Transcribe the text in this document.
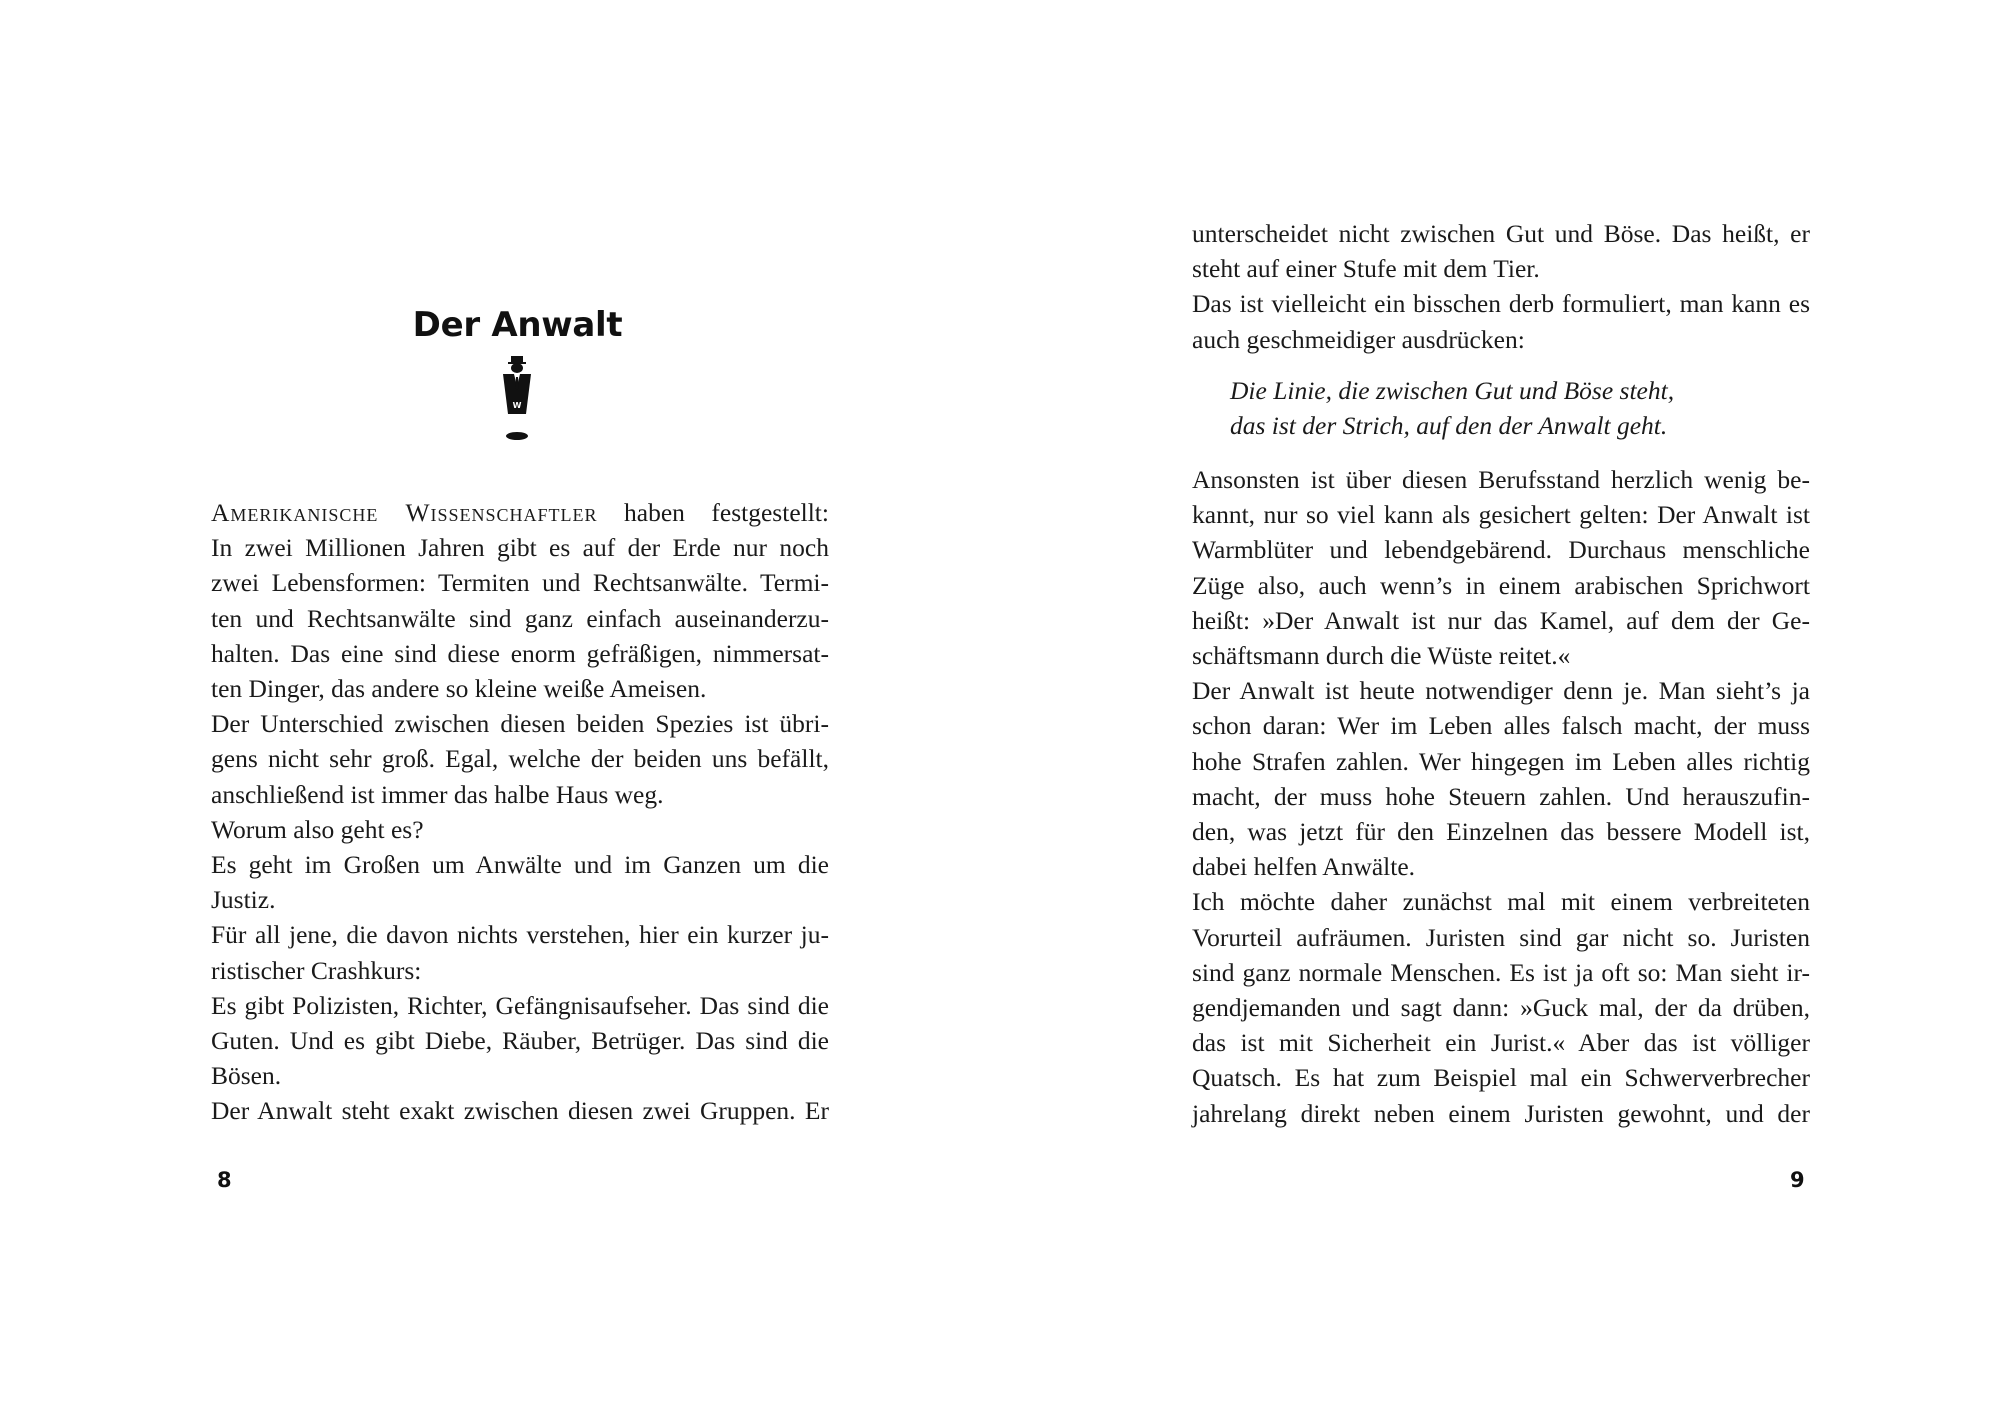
Der Anwalt
W
Amerikanische Wissenschaftler haben festgestellt:
In zwei Millionen Jahren gibt es auf der Erde nur noch
zwei Lebensformen: Termiten und Rechtsanwälte. Termi-
ten und Rechtsanwälte sind ganz einfach auseinanderzu-
halten. Das eine sind diese enorm gefräßigen, nimmersat-
ten Dinger, das andere so kleine weiße Ameisen.
Der Unterschied zwischen diesen beiden Spezies ist übri-
gens nicht sehr groß. Egal, welche der beiden uns befällt,
anschließend ist immer das halbe Haus weg.
Worum also geht es?
Es geht im Großen um Anwälte und im Ganzen um die
Justiz.
Für all jene, die davon nichts verstehen, hier ein kurzer ju-
ristischer Crashkurs:
Es gibt Polizisten, Richter, Gefängnisaufseher. Das sind die
Guten. Und es gibt Diebe, Räuber, Betrüger. Das sind die
Bösen.
Der Anwalt steht exakt zwischen diesen zwei Gruppen. Er
8
unterscheidet nicht zwischen Gut und Böse. Das heißt, er
steht auf einer Stufe mit dem Tier.
Das ist vielleicht ein bisschen derb formuliert, man kann es
auch geschmeidiger ausdrücken:
Die Linie, die zwischen Gut und Böse steht,
das ist der Strich, auf den der Anwalt geht.
Ansonsten ist über diesen Berufsstand herzlich wenig be-
kannt, nur so viel kann als gesichert gelten: Der Anwalt ist
Warmblüter und lebendgebärend. Durchaus menschliche
Züge also, auch wenn’s in einem arabischen Sprichwort
heißt: »Der Anwalt ist nur das Kamel, auf dem der Ge-
schäftsmann durch die Wüste reitet.«
Der Anwalt ist heute notwendiger denn je. Man sieht’s ja
schon daran: Wer im Leben alles falsch macht, der muss
hohe Strafen zahlen. Wer hingegen im Leben alles richtig
macht, der muss hohe Steuern zahlen. Und herauszufin-
den, was jetzt für den Einzelnen das bessere Modell ist,
dabei helfen Anwälte.
Ich möchte daher zunächst mal mit einem verbreiteten
Vorurteil aufräumen. Juristen sind gar nicht so. Juristen
sind ganz normale Menschen. Es ist ja oft so: Man sieht ir-
gendjemanden und sagt dann: »Guck mal, der da drüben,
das ist mit Sicherheit ein Jurist.« Aber das ist völliger
Quatsch. Es hat zum Beispiel mal ein Schwerverbrecher
jahrelang direkt neben einem Juristen gewohnt, und der
9
